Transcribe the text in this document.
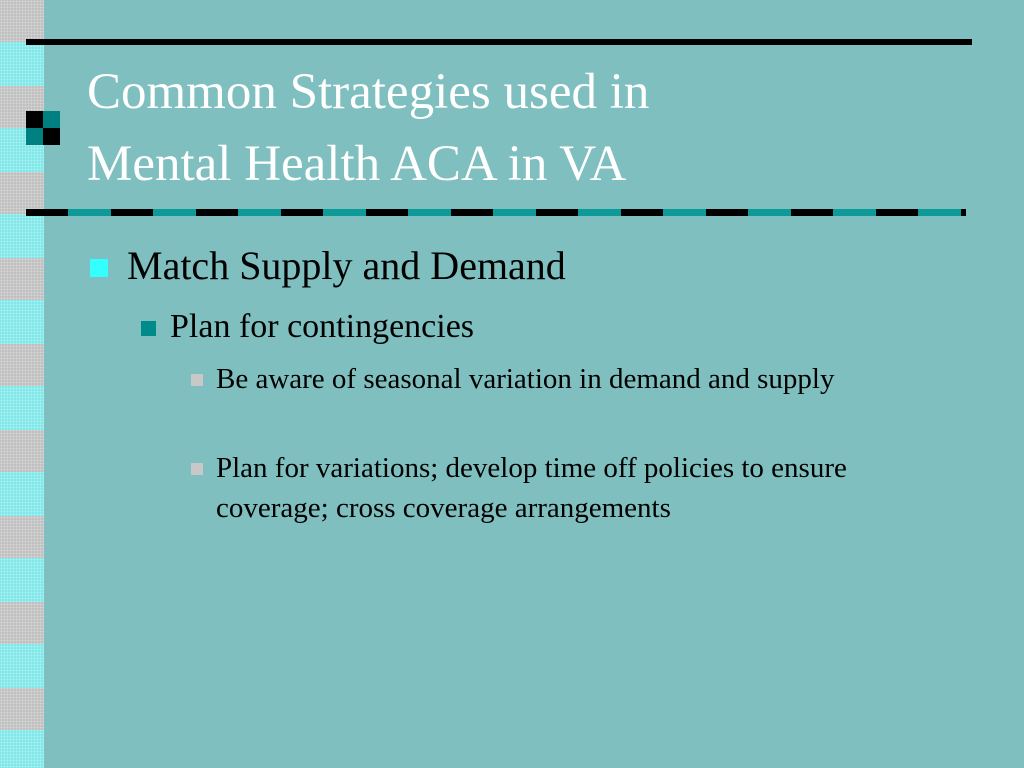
Common Strategies used in
Mental Health ACA in VA
Match Supply and Demand
Plan for contingencies
Be aware of seasonal variation in demand and supply
Plan for variations; develop time off policies to ensure coverage; cross coverage arrangements
